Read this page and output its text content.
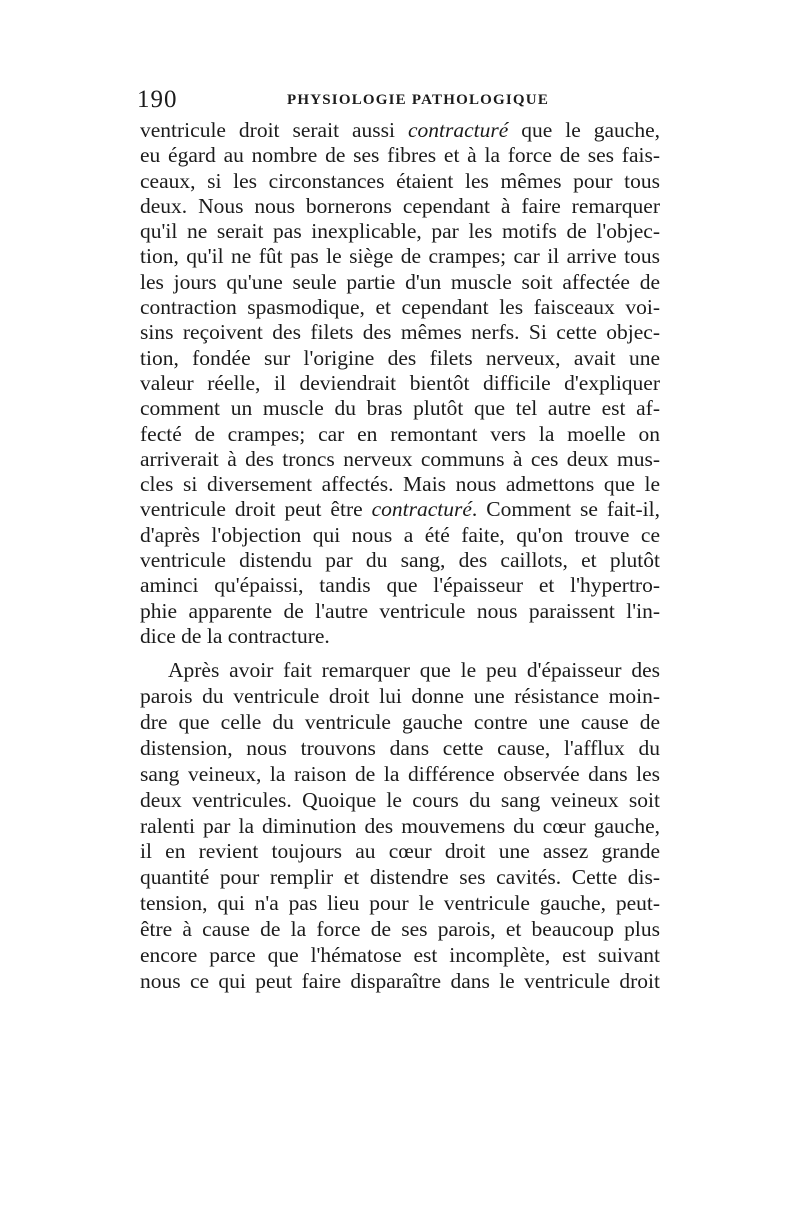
190	PHYSIOLOGIE PATHOLOGIQUE
ventricule droit serait aussi contracturé que le gauche,
eu égard au nombre de ses fibres et à la force de ses fais-
ceaux, si les circonstances étaient les mêmes pour tous
deux. Nous nous bornerons cependant à faire remarquer
qu'il ne serait pas inexplicable, par les motifs de l'objec-
tion, qu'il ne fût pas le siège de crampes; car il arrive tous
les jours qu'une seule partie d'un muscle soit affectée de
contraction spasmodique, et cependant les faisceaux voi-
sins reçoivent des filets des mêmes nerfs. Si cette objec-
tion, fondée sur l'origine des filets nerveux, avait une
valeur réelle, il deviendrait bientôt difficile d'expliquer
comment un muscle du bras plutôt que tel autre est af-
fecté de crampes; car en remontant vers la moelle on
arriverait à des troncs nerveux communs à ces deux mus-
cles si diversement affectés. Mais nous admettons que le
ventricule droit peut être contracturé. Comment se fait-il,
d'après l'objection qui nous a été faite, qu'on trouve ce
ventricule distendu par du sang, des caillots, et plutôt
aminci qu'épaissi, tandis que l'épaisseur et l'hypertro-
phie apparente de l'autre ventricule nous paraissent l'in-
dice de la contracture.
Après avoir fait remarquer que le peu d'épaisseur des
parois du ventricule droit lui donne une résistance moin-
dre que celle du ventricule gauche contre une cause de
distension, nous trouvons dans cette cause, l'afflux du
sang veineux, la raison de la différence observée dans les
deux ventricules. Quoique le cours du sang veineux soit
ralenti par la diminution des mouvemens du cœur gauche,
il en revient toujours au cœur droit une assez grande
quantité pour remplir et distendre ses cavités. Cette dis-
tension, qui n'a pas lieu pour le ventricule gauche, peut-
être à cause de la force de ses parois, et beaucoup plus
encore parce que l'hématose est incomplète, est suivant
nous ce qui peut faire disparaître dans le ventricule droit
